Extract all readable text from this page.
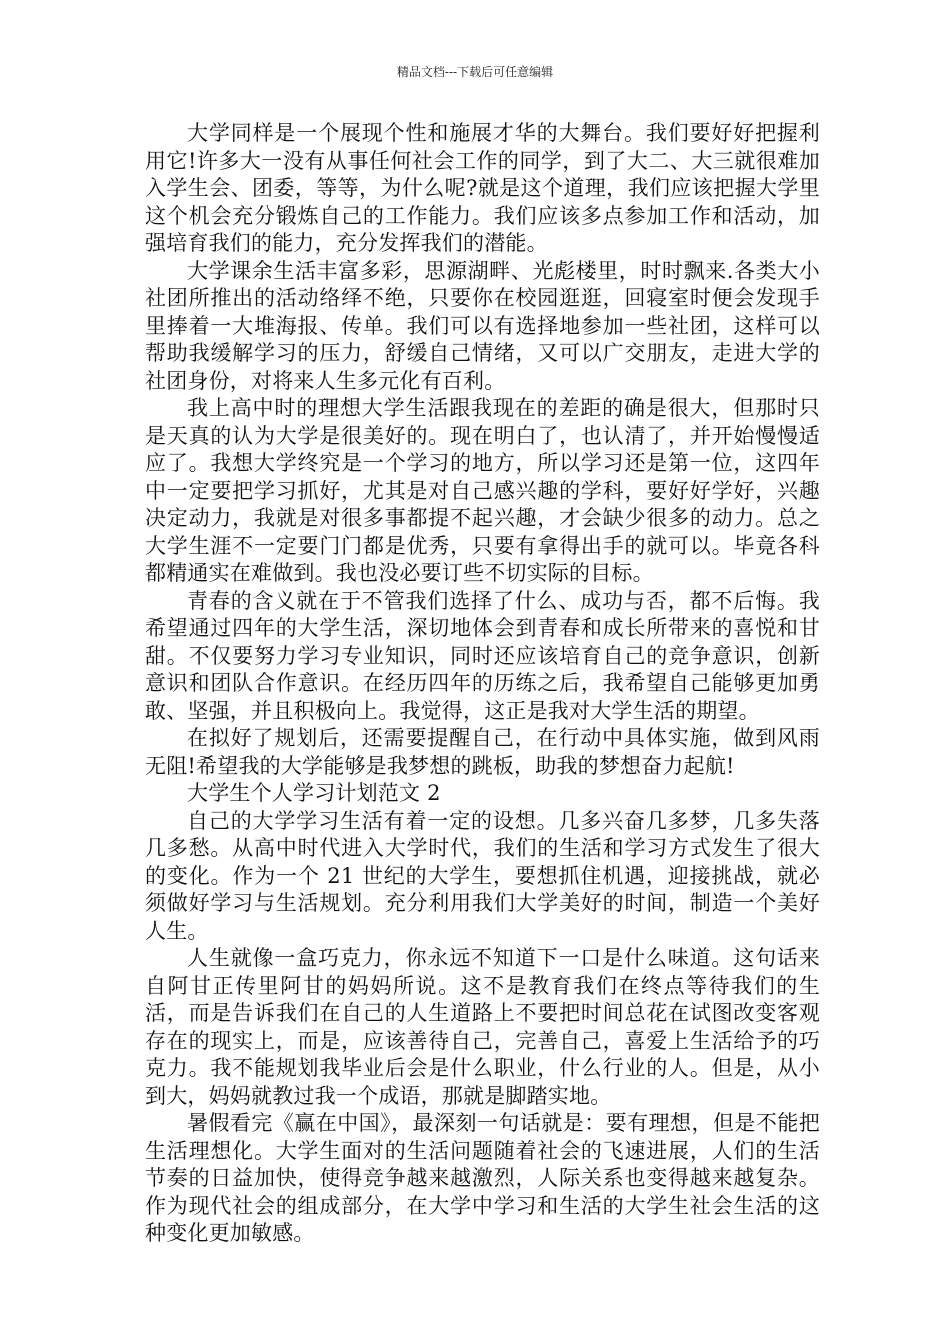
精品文档---下载后可任意编辑

大学同样是一个展现个性和施展才华的大舞台。我们要好好把握利用它!许多大一没有从事任何社会工作的同学，到了大二、大三就很难加入学生会、团委，等等，为什么呢?就是这个道理，我们应该把握大学里这个机会充分锻炼自己的工作能力。我们应该多点参加工作和活动，加强培育我们的能力，充分发挥我们的潜能。

大学课余生活丰富多彩，思源湖畔、光彪楼里，时时飘来.各类大小社团所推出的活动络绎不绝，只要你在校园逛逛，回寝室时便会发现手里捧着一大堆海报、传单。我们可以有选择地参加一些社团，这样可以帮助我缓解学习的压力，舒缓自己情绪，又可以广交朋友，走进大学的社团身份，对将来人生多元化有百利。

我上高中时的理想大学生活跟我现在的差距的确是很大，但那时只是天真的认为大学是很美好的。现在明白了，也认清了，并开始慢慢适应了。我想大学终究是一个学习的地方，所以学习还是第一位，这四年中一定要把学习抓好，尤其是对自己感兴趣的学科，要好好学好，兴趣决定动力，我就是对很多事都提不起兴趣，才会缺少很多的动力。总之大学生涯不一定要门门都是优秀，只要有拿得出手的就可以。毕竟各科都精通实在难做到。我也没必要订些不切实际的目标。

青春的含义就在于不管我们选择了什么、成功与否，都不后悔。我希望通过四年的大学生活，深切地体会到青春和成长所带来的喜悦和甘甜。不仅要努力学习专业知识，同时还应该培育自己的竞争意识，创新意识和团队合作意识。在经历四年的历练之后，我希望自己能够更加勇敢、坚强，并且积极向上。我觉得，这正是我对大学生活的期望。

在拟好了规划后，还需要提醒自己，在行动中具体实施，做到风雨无阻!希望我的大学能够是我梦想的跳板，助我的梦想奋力起航!

大学生个人学习计划范文 2

自己的大学学习生活有着一定的设想。几多兴奋几多梦，几多失落几多愁。从高中时代进入大学时代，我们的生活和学习方式发生了很大的变化。作为一个 21 世纪的大学生，要想抓住机遇，迎接挑战，就必须做好学习与生活规划。充分利用我们大学美好的时间，制造一个美好人生。

人生就像一盒巧克力，你永远不知道下一口是什么味道。这句话来自阿甘正传里阿甘的妈妈所说。这不是教育我们在终点等待我们的生活，而是告诉我们在自己的人生道路上不要把时间总花在试图改变客观存在的现实上，而是，应该善待自己，完善自己，喜爱上生活给予的巧克力。我不能规划我毕业后会是什么职业，什么行业的人。但是，从小到大，妈妈就教过我一个成语，那就是脚踏实地。

暑假看完《赢在中国》，最深刻一句话就是：要有理想，但是不能把生活理想化。大学生面对的生活问题随着社会的飞速进展，人们的生活节奏的日益加快，使得竞争越来越激烈，人际关系也变得越来越复杂。作为现代社会的组成部分，在大学中学习和生活的大学生社会生活的这种变化更加敏感。
